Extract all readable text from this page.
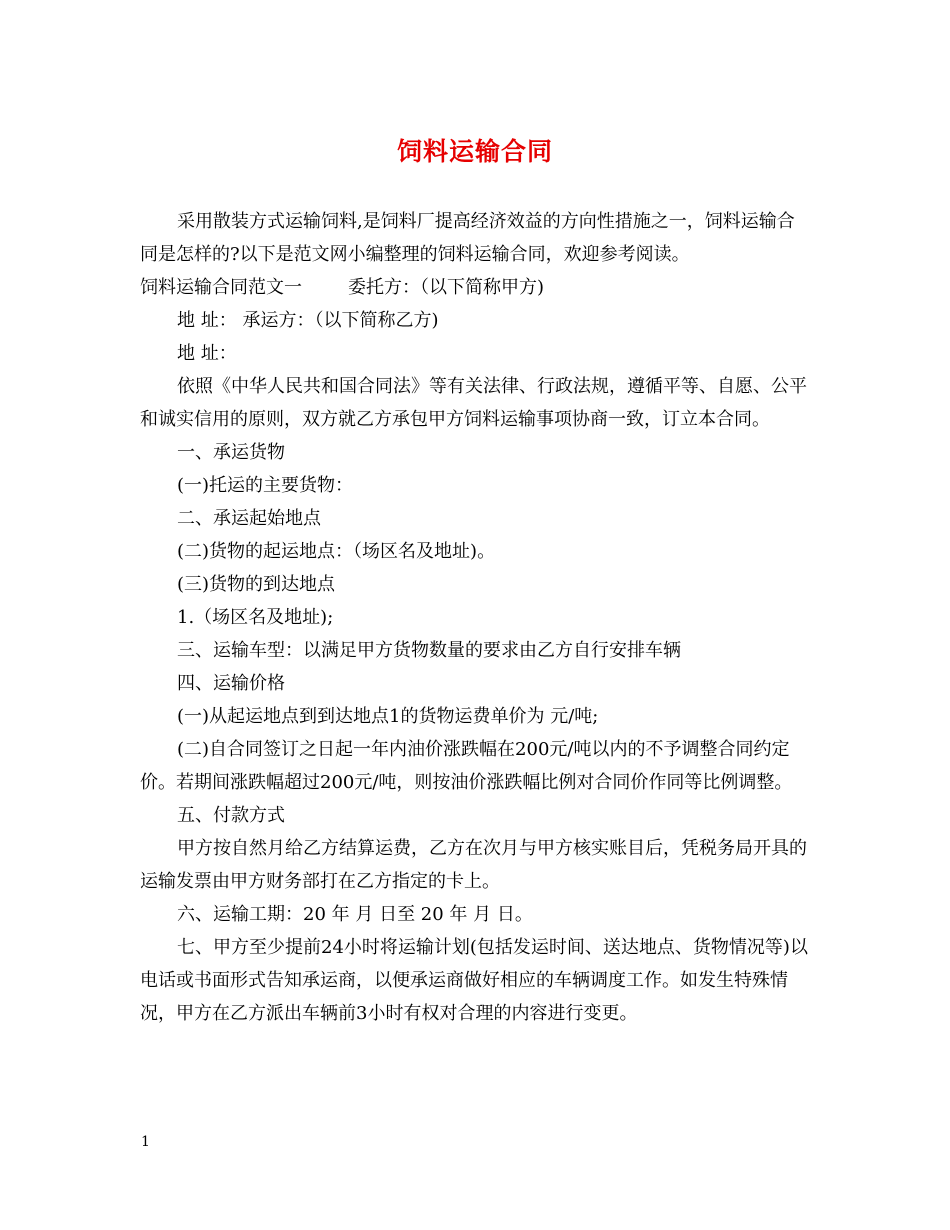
饲料运输合同

采用散装方式运输饲料,是饲料厂提高经济效益的方向性措施之一，饲料运输合同是怎样的?以下是范文网小编整理的饲料运输合同，欢迎参考阅读。

饲料运输合同范文一	委托方：（以下简称甲方)

地 址： 承运方：（以下简称乙方)

地 址：

依照《中华人民共和国合同法》等有关法律、行政法规，遵循平等、自愿、公平和诚实信用的原则，双方就乙方承包甲方饲料运输事项协商一致，订立本合同。

一、承运货物

(一)托运的主要货物：

二、承运起始地点

(二)货物的起运地点：（场区名及地址)。

(三)货物的到达地点

1.（场区名及地址);

三、运输车型：以满足甲方货物数量的要求由乙方自行安排车辆

四、运输价格

(一)从起运地点到到达地点1的货物运费单价为 元/吨;

(二)自合同签订之日起一年内油价涨跌幅在200元/吨以内的不予调整合同约定价。若期间涨跌幅超过200元/吨，则按油价涨跌幅比例对合同价作同等比例调整。

五、付款方式

甲方按自然月给乙方结算运费，乙方在次月与甲方核实账目后，凭税务局开具的运输发票由甲方财务部打在乙方指定的卡上。

六、运输工期：20 年 月 日至 20 年 月 日。

七、甲方至少提前24小时将运输计划(包括发运时间、送达地点、货物情况等)以电话或书面形式告知承运商，以便承运商做好相应的车辆调度工作。如发生特殊情况，甲方在乙方派出车辆前3小时有权对合理的内容进行变更。

1
